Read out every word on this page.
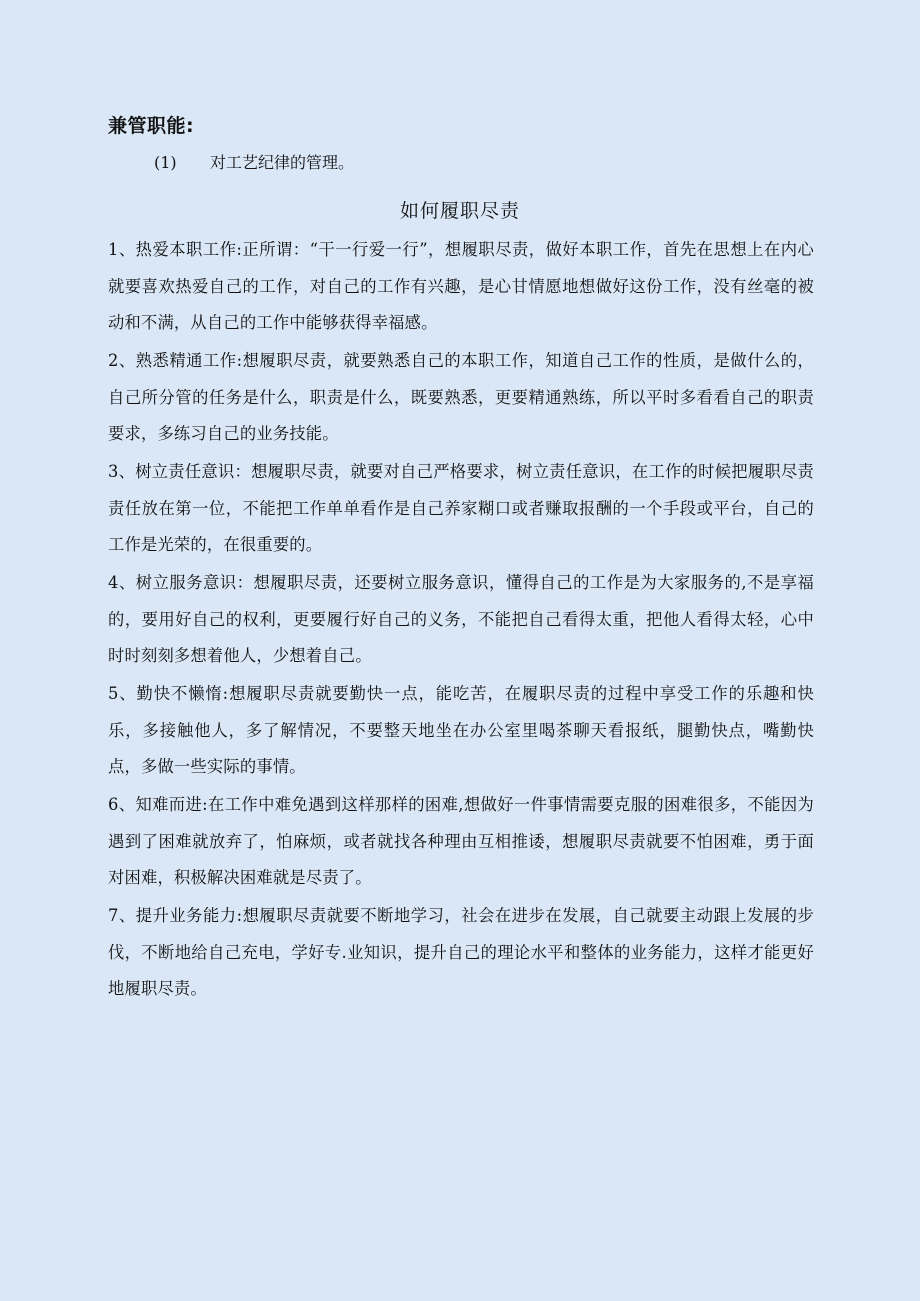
兼管职能:
(1) 对工艺纪律的管理。
如何履职尽责

1、热爱本职工作:正所谓：“干一行爱一行”，想履职尽责，做好本职工作，首先在思想上在内心就要喜欢热爱自己的工作，对自己的工作有兴趣，是心甘情愿地想做好这份工作，没有丝毫的被动和不满，从自己的工作中能够获得幸福感。

2、熟悉精通工作:想履职尽责，就要熟悉自己的本职工作，知道自己工作的性质，是做什么的，自己所分管的任务是什么，职责是什么，既要熟悉，更要精通熟练，所以平时多看看自己的职责要求，多练习自己的业务技能。

3、树立责任意识：想履职尽责，就要对自己严格要求，树立责任意识，在工作的时候把履职尽责责任放在第一位，不能把工作单单看作是自己养家糊口或者赚取报酬的一个手段或平台，自己的工作是光荣的，在很重要的。

4、树立服务意识：想履职尽责，还要树立服务意识，懂得自己的工作是为大家服务的,不是享福的，要用好自己的权利，更要履行好自己的义务，不能把自己看得太重，把他人看得太轻，心中时时刻刻多想着他人，少想着自己。

5、勤快不懒惰:想履职尽责就要勤快一点，能吃苦，在履职尽责的过程中享受工作的乐趣和快乐，多接触他人，多了解情况，不要整天地坐在办公室里喝茶聊天看报纸，腿勤快点，嘴勤快点，多做一些实际的事情。

6、知难而进:在工作中难免遇到这样那样的困难,想做好一件事情需要克服的困难很多，不能因为遇到了困难就放弃了，怕麻烦，或者就找各种理由互相推诿，想履职尽责就要不怕困难，勇于面对困难，积极解决困难就是尽责了。

7、提升业务能力:想履职尽责就要不断地学习，社会在进步在发展，自己就要主动跟上发展的步伐，不断地给自己充电，学好专.业知识，提升自己的理论水平和整体的业务能力，这样才能更好地履职尽责。
